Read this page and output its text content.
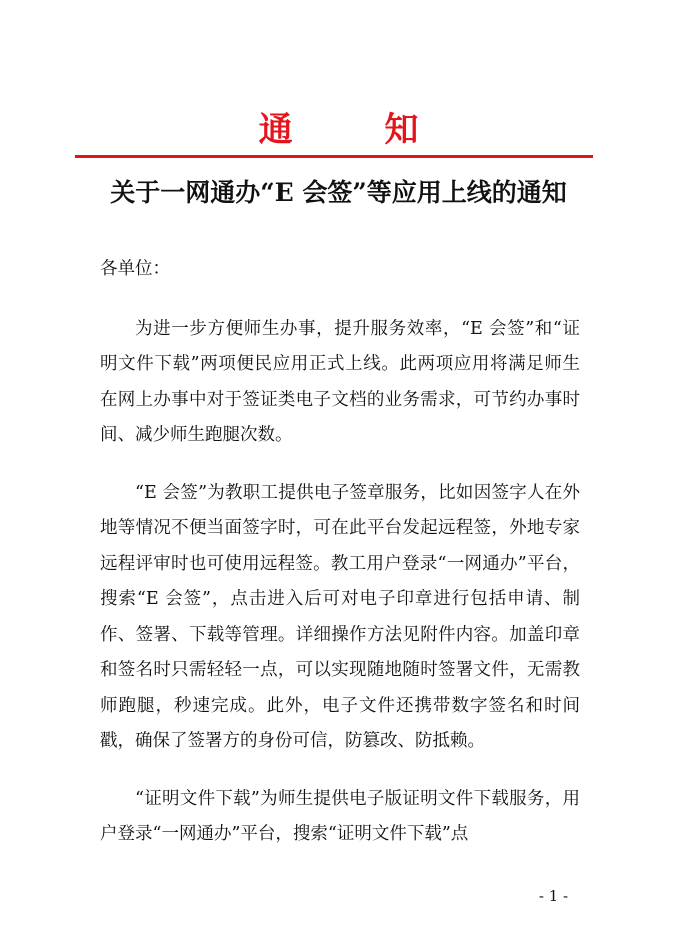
通 知
关于一网通办“E 会签”等应用上线的通知

各单位：

为进一步方便师生办事，提升服务效率，“E 会签”和“证明文件下载”两项便民应用正式上线。此两项应用将满足师生在网上办事中对于签证类电子文档的业务需求，可节约办事时间、减少师生跑腿次数。

“E 会签”为教职工提供电子签章服务，比如因签字人在外地等情况不便当面签字时，可在此平台发起远程签，外地专家远程评审时也可使用远程签。教工用户登录“一网通办”平台，搜索“E 会签”，点击进入后可对电子印章进行包括申请、制作、签署、下载等管理。详细操作方法见附件内容。加盖印章和签名时只需轻轻一点，可以实现随地随时签署文件，无需教师跑腿，秒速完成。此外，电子文件还携带数字签名和时间戳，确保了签署方的身份可信，防篡改、防抵赖。

“证明文件下载”为师生提供电子版证明文件下载服务，用户登录“一网通办”平台，搜索“证明文件下载”点

- 1 -
